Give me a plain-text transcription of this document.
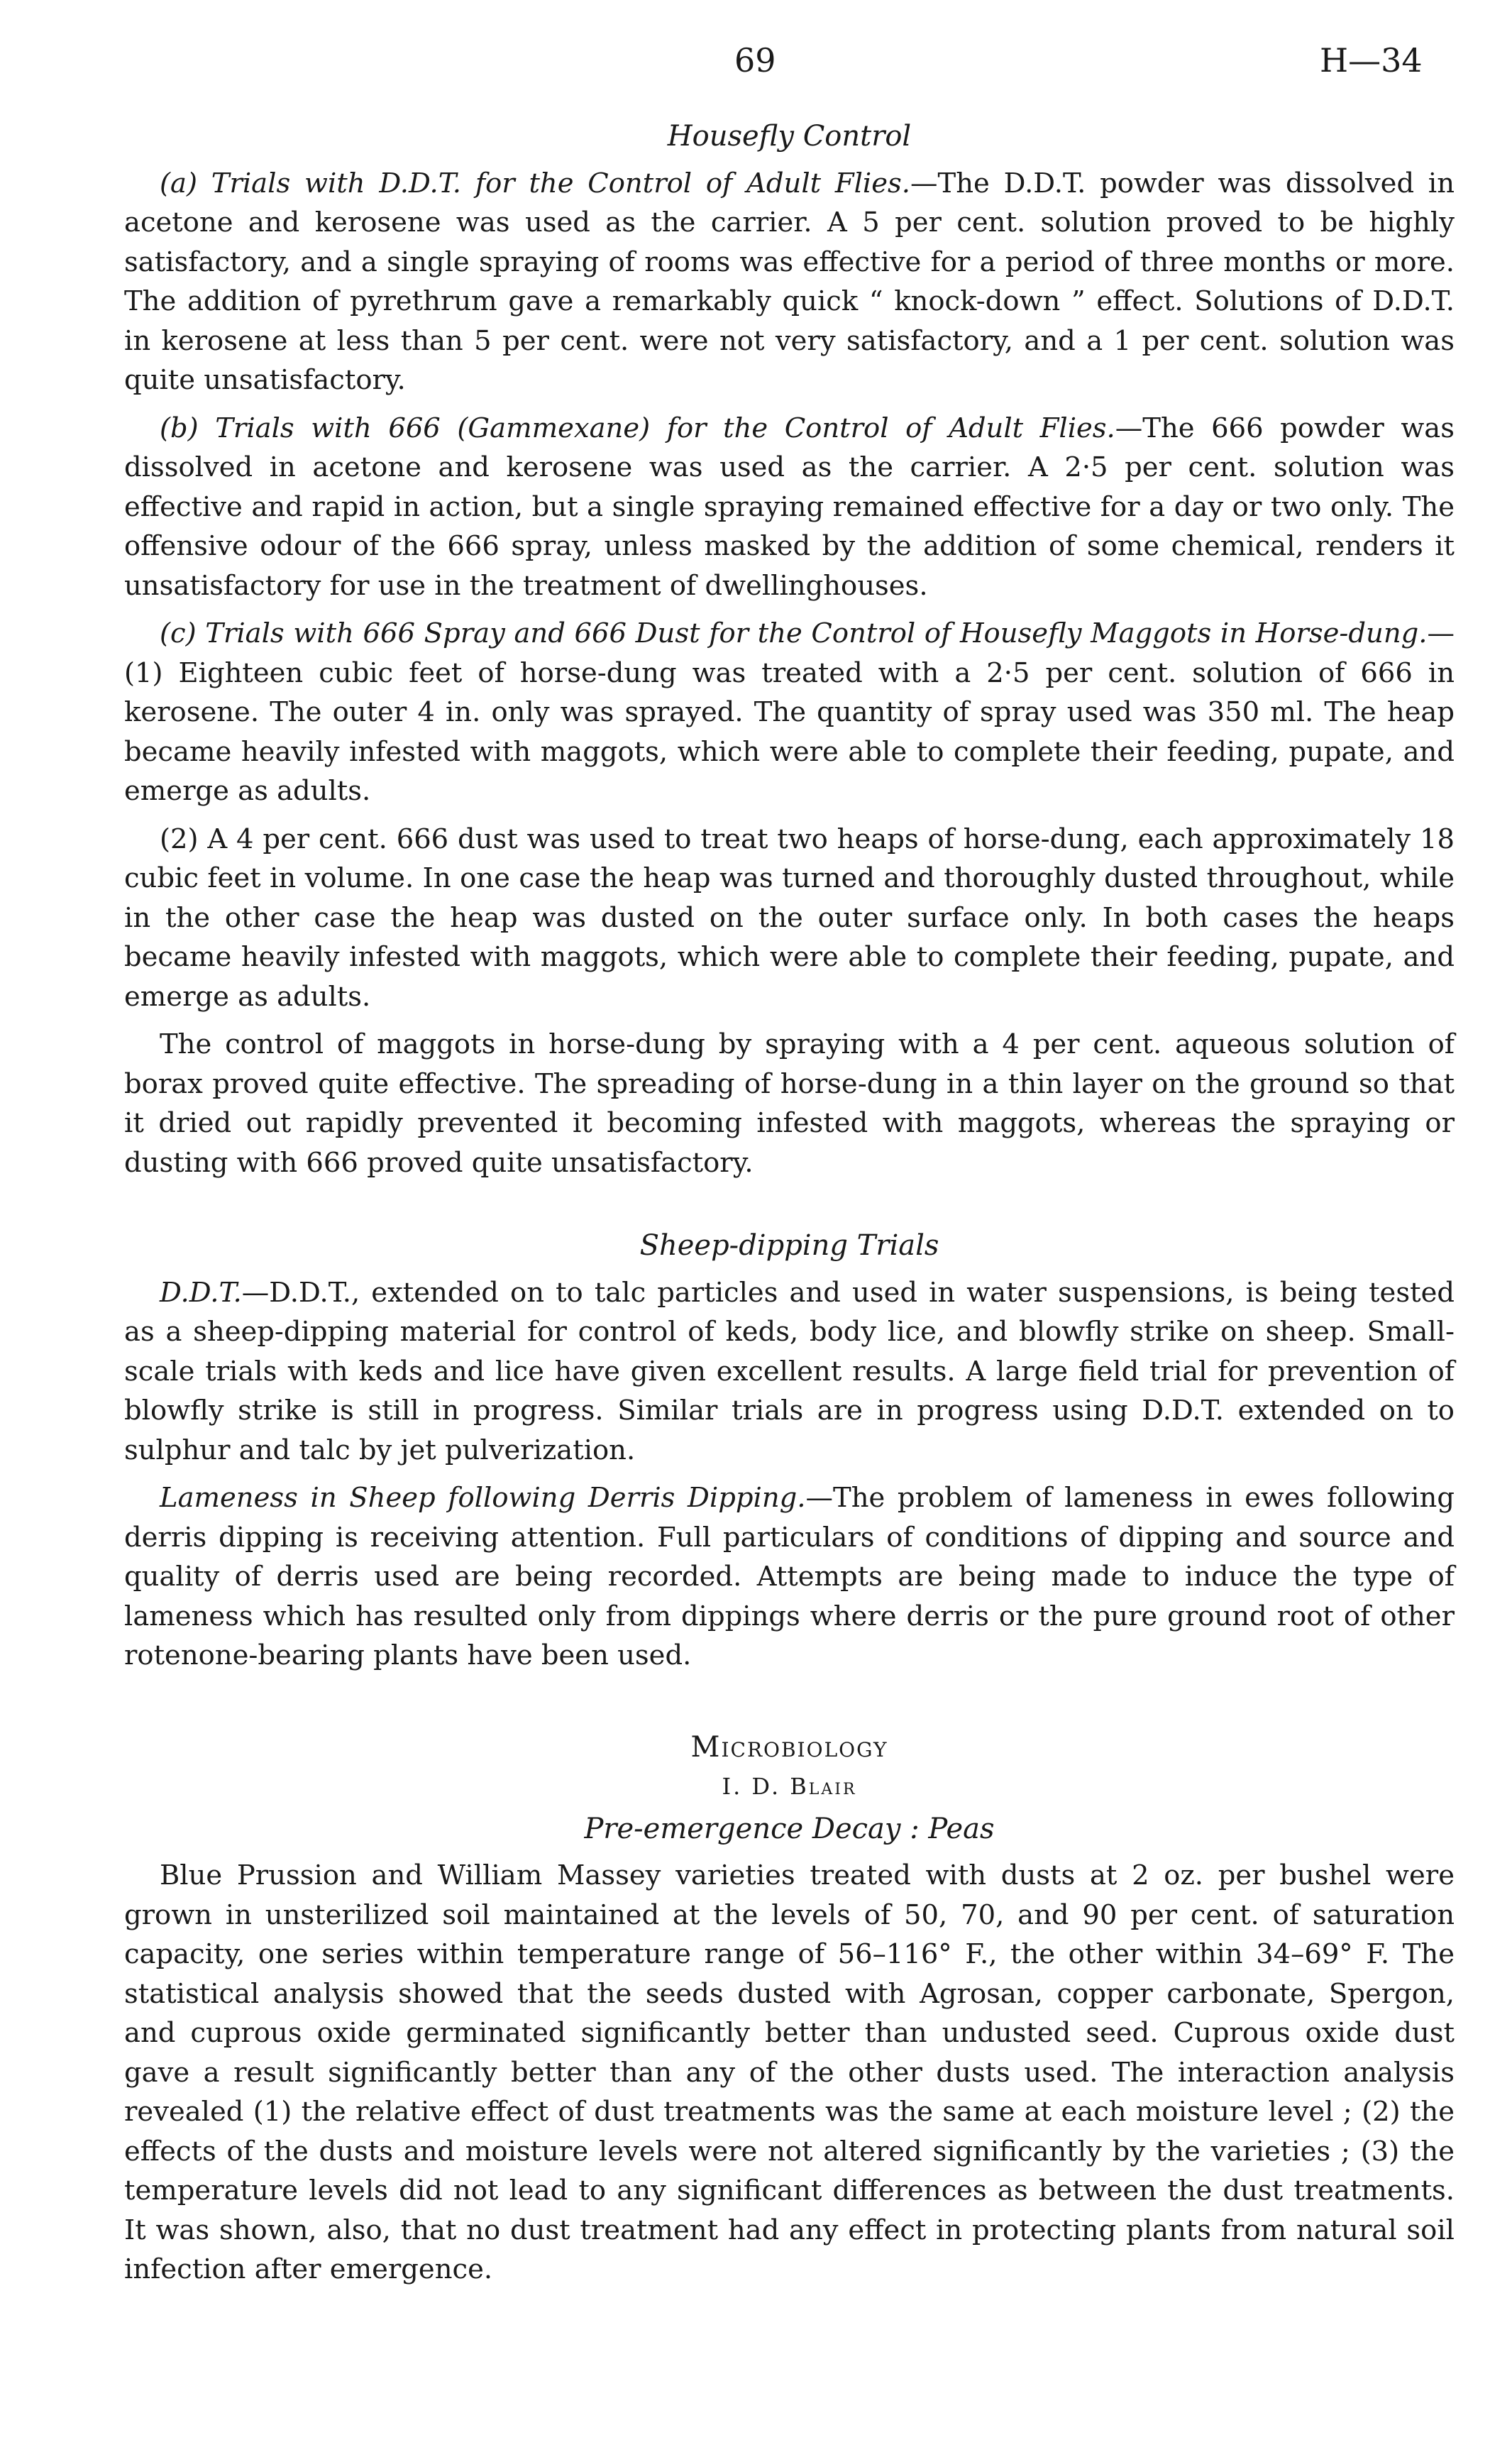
69	H—34
Housefly Control

(a) Trials with D.D.T. for the Control of Adult Flies.—The D.D.T. powder was dissolved in acetone and kerosene was used as the carrier. A 5 per cent. solution proved to be highly satisfactory, and a single spraying of rooms was effective for a period of three months or more. The addition of pyrethrum gave a remarkably quick “ knock-down ” effect. Solutions of D.D.T. in kerosene at less than 5 per cent. were not very satisfactory, and a 1 per cent. solution was quite unsatisfactory.

(b) Trials with 666 (Gammexane) for the Control of Adult Flies.—The 666 powder was dissolved in acetone and kerosene was used as the carrier. A 2·5 per cent. solution was effective and rapid in action, but a single spraying remained effective for a day or two only. The offensive odour of the 666 spray, unless masked by the addition of some chemical, renders it unsatisfactory for use in the treatment of dwellinghouses.

(c) Trials with 666 Spray and 666 Dust for the Control of Housefly Maggots in Horse-dung.—(1) Eighteen cubic feet of horse-dung was treated with a 2·5 per cent. solution of 666 in kerosene. The outer 4 in. only was sprayed. The quantity of spray used was 350 ml. The heap became heavily infested with maggots, which were able to complete their feeding, pupate, and emerge as adults.

(2) A 4 per cent. 666 dust was used to treat two heaps of horse-dung, each approximately 18 cubic feet in volume. In one case the heap was turned and thoroughly dusted throughout, while in the other case the heap was dusted on the outer surface only. In both cases the heaps became heavily infested with maggots, which were able to complete their feeding, pupate, and emerge as adults.

The control of maggots in horse-dung by spraying with a 4 per cent. aqueous solution of borax proved quite effective. The spreading of horse-dung in a thin layer on the ground so that it dried out rapidly prevented it becoming infested with maggots, whereas the spraying or dusting with 666 proved quite unsatisfactory.

Sheep-dipping Trials

D.D.T.—D.D.T., extended on to talc particles and used in water suspensions, is being tested as a sheep-dipping material for control of keds, body lice, and blowfly strike on sheep. Small-scale trials with keds and lice have given excellent results. A large field trial for prevention of blowfly strike is still in progress. Similar trials are in progress using D.D.T. extended on to sulphur and talc by jet pulverization.

Lameness in Sheep following Derris Dipping.—The problem of lameness in ewes following derris dipping is receiving attention. Full particulars of conditions of dipping and source and quality of derris used are being recorded. Attempts are being made to induce the type of lameness which has resulted only from dippings where derris or the pure ground root of other rotenone-bearing plants have been used.

Microbiology
I. D. Blair
Pre-emergence Decay : Peas

Blue Prussion and William Massey varieties treated with dusts at 2 oz. per bushel were grown in unsterilized soil maintained at the levels of 50, 70, and 90 per cent. of saturation capacity, one series within temperature range of 56–116° F., the other within 34–69° F. The statistical analysis showed that the seeds dusted with Agrosan, copper carbonate, Spergon, and cuprous oxide germinated significantly better than undusted seed. Cuprous oxide dust gave a result significantly better than any of the other dusts used. The interaction analysis revealed (1) the relative effect of dust treatments was the same at each moisture level ; (2) the effects of the dusts and moisture levels were not altered significantly by the varieties ; (3) the temperature levels did not lead to any significant differences as between the dust treatments. It was shown, also, that no dust treatment had any effect in protecting plants from natural soil infection after emergence.
